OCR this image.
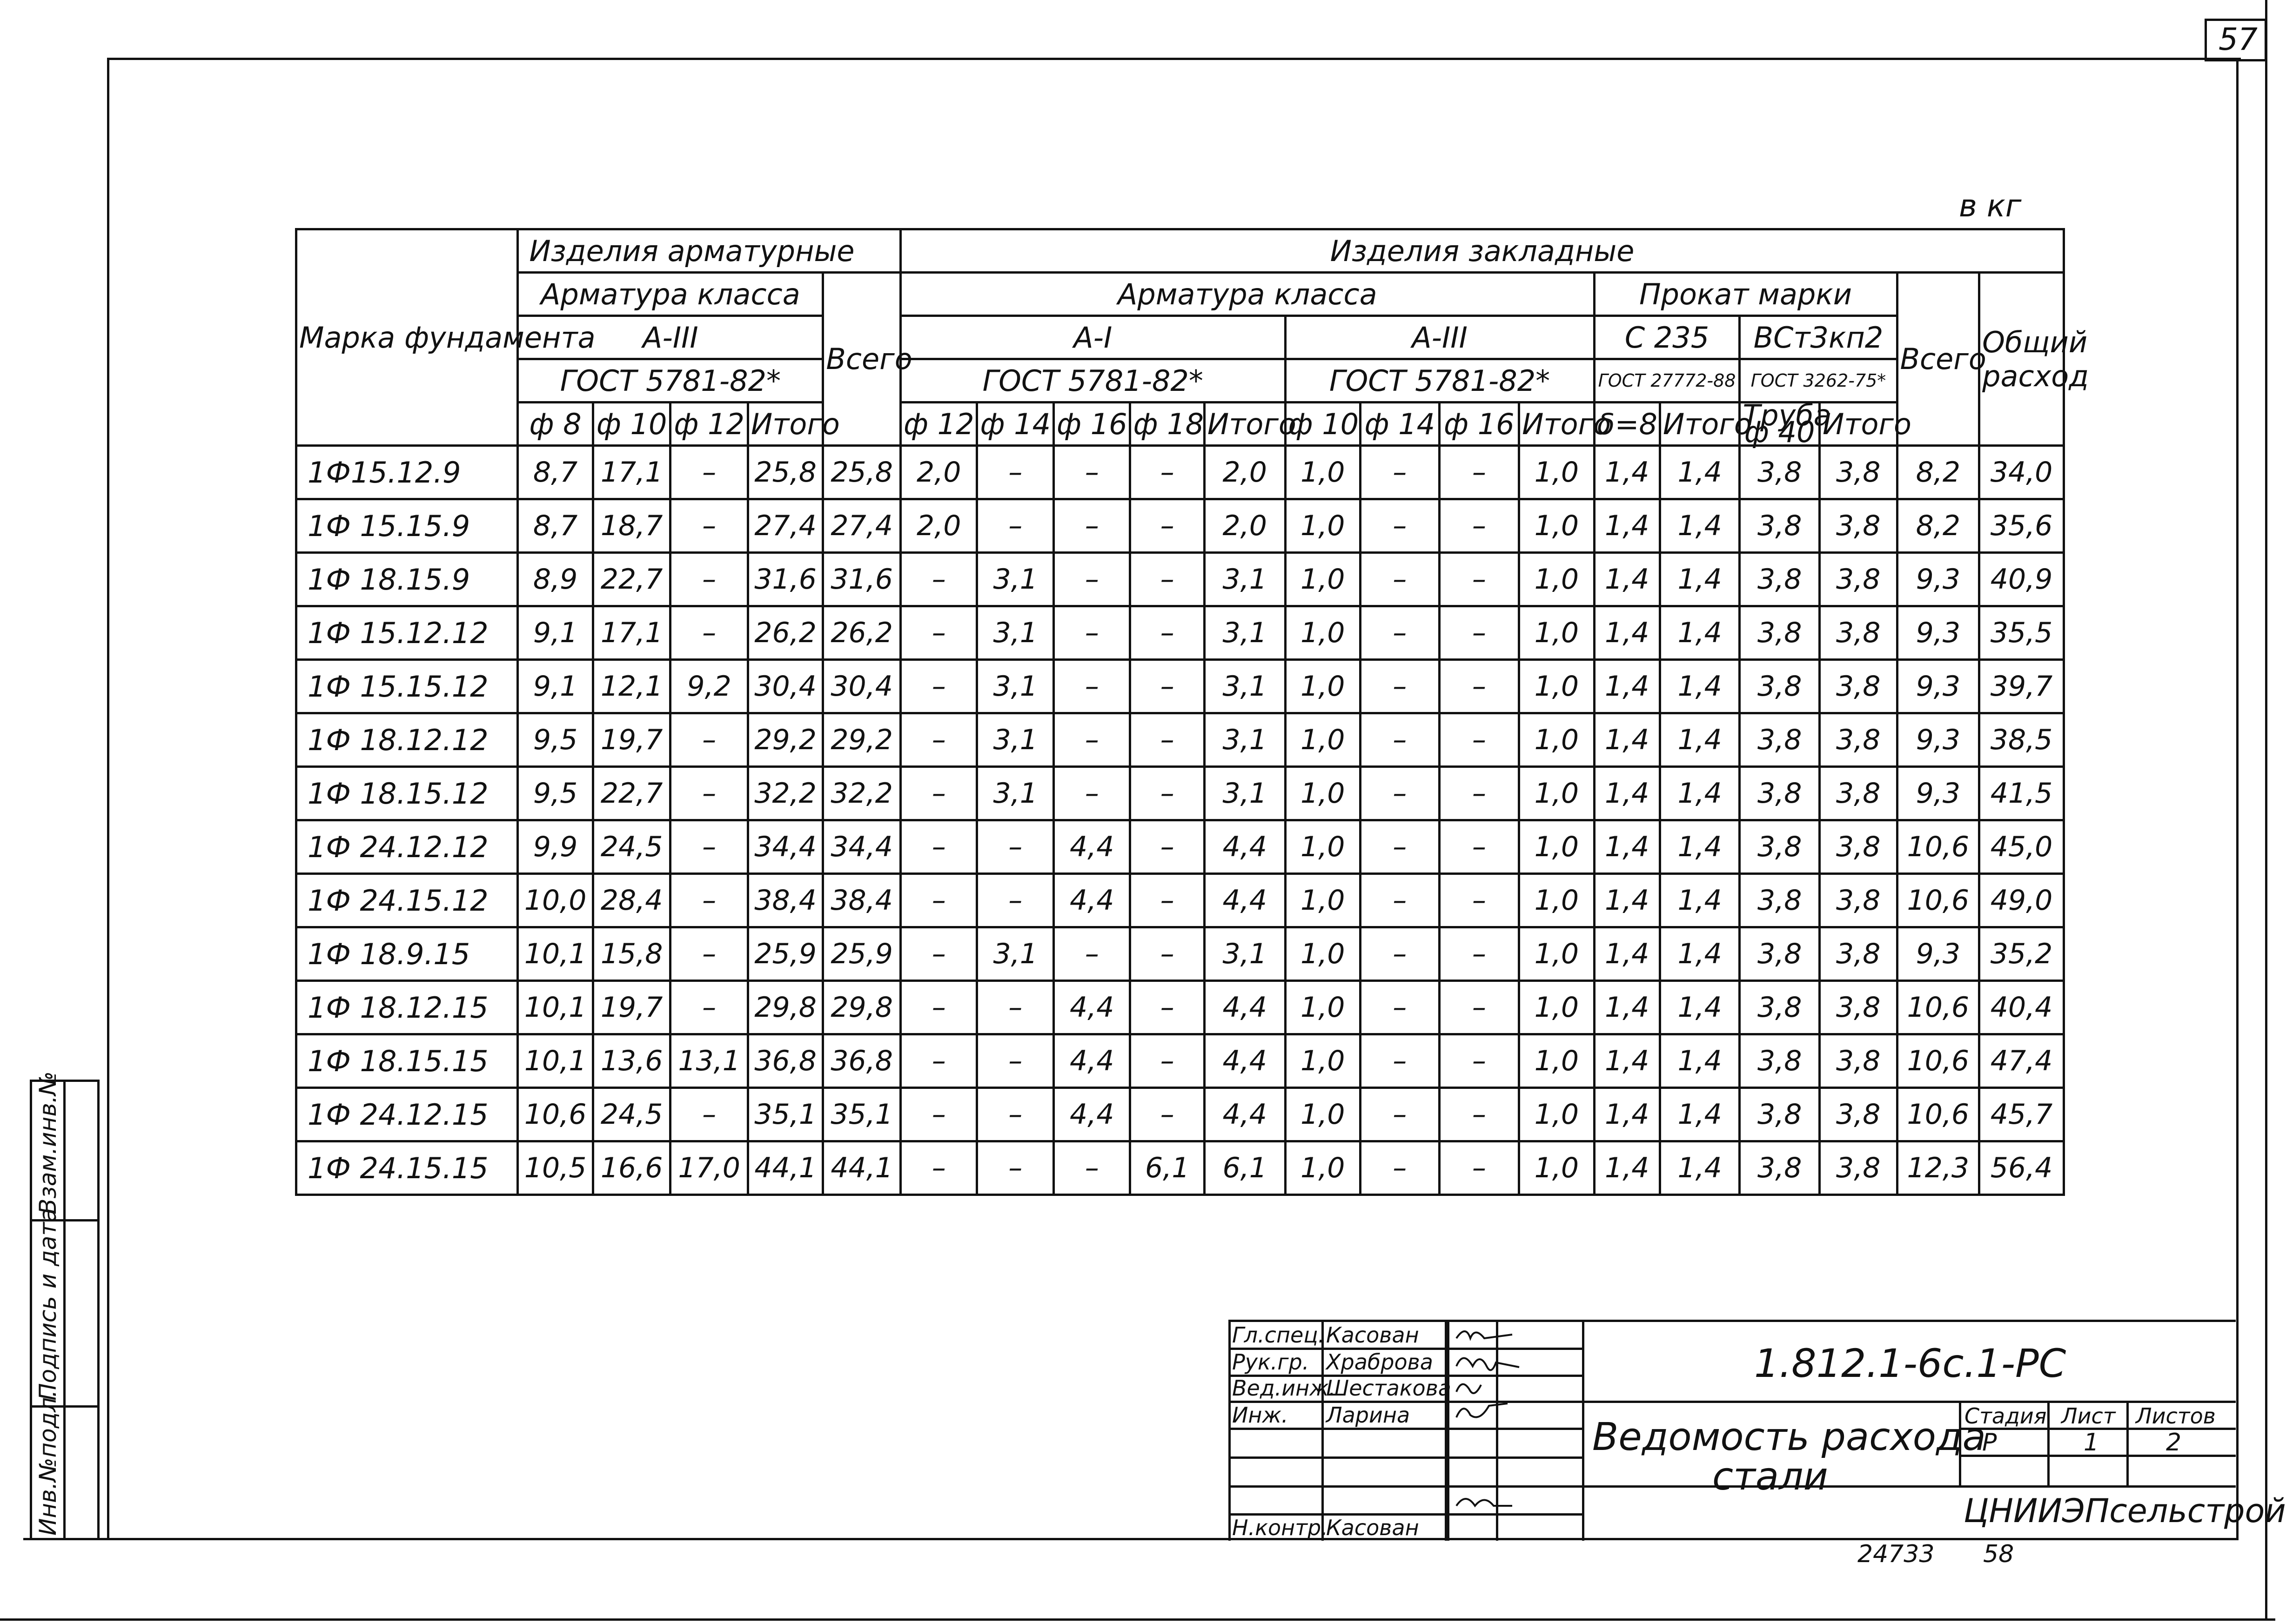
57
в кг
Марка фундамента	Изделия арматурные					Изделия закладные														
	Арматура класса				Всего	Арматура класса									Прокат марки				Всего	Общий расход
	А-III					А-I					А-III				С 235		ВСт3кп2			
	ГОСТ 5781-82*					ГОСТ 5781-82*					ГОСТ 5781-82*				ГОСТ 27772-88		ГОСТ 3262-75*			
	ф 8	ф 10	ф 12	Итого		ф 12	ф 14	ф 16	ф 18	Итого	ф 10	ф 14	ф 16	Итого	δ=8	Итого	Труба ф 40	Итого		
1Ф15.12.9	8,7	17,1	–	25,8	25,8	2,0	–	–	–	2,0	1,0	–	–	1,0	1,4	1,4	3,8	3,8	8,2	34,0
1Ф 15.15.9	8,7	18,7	–	27,4	27,4	2,0	–	–	–	2,0	1,0	–	–	1,0	1,4	1,4	3,8	3,8	8,2	35,6
1Ф 18.15.9	8,9	22,7	–	31,6	31,6	–	3,1	–	–	3,1	1,0	–	–	1,0	1,4	1,4	3,8	3,8	9,3	40,9
1Ф 15.12.12	9,1	17,1	–	26,2	26,2	–	3,1	–	–	3,1	1,0	–	–	1,0	1,4	1,4	3,8	3,8	9,3	35,5
1Ф 15.15.12	9,1	12,1	9,2	30,4	30,4	–	3,1	–	–	3,1	1,0	–	–	1,0	1,4	1,4	3,8	3,8	9,3	39,7
1Ф 18.12.12	9,5	19,7	–	29,2	29,2	–	3,1	–	–	3,1	1,0	–	–	1,0	1,4	1,4	3,8	3,8	9,3	38,5
1Ф 18.15.12	9,5	22,7	–	32,2	32,2	–	3,1	–	–	3,1	1,0	–	–	1,0	1,4	1,4	3,8	3,8	9,3	41,5
1Ф 24.12.12	9,9	24,5	–	34,4	34,4	–	–	4,4	–	4,4	1,0	–	–	1,0	1,4	1,4	3,8	3,8	10,6	45,0
1Ф 24.15.12	10,0	28,4	–	38,4	38,4	–	–	4,4	–	4,4	1,0	–	–	1,0	1,4	1,4	3,8	3,8	10,6	49,0
1Ф 18.9.15	10,1	15,8	–	25,9	25,9	–	3,1	–	–	3,1	1,0	–	–	1,0	1,4	1,4	3,8	3,8	9,3	35,2
1Ф 18.12.15	10,1	19,7	–	29,8	29,8	–	–	4,4	–	4,4	1,0	–	–	1,0	1,4	1,4	3,8	3,8	10,6	40,4
1Ф 18.15.15	10,1	13,6	13,1	36,8	36,8	–	–	4,4	–	4,4	1,0	–	–	1,0	1,4	1,4	3,8	3,8	10,6	47,4
1Ф 24.12.15	10,6	24,5	–	35,1	35,1	–	–	4,4	–	4,4	1,0	–	–	1,0	1,4	1,4	3,8	3,8	10,6	45,7
1Ф 24.15.15	10,5	16,6	17,0	44,1	44,1	–	–	–	6,1	6,1	1,0	–	–	1,0	1,4	1,4	3,8	3,8	12,3	56,4
Гл.спец.
Рук.гр.
Вед.инж.
Инж.
Н.контр.
Касован
Храброва
Шестакова
Ларина
Касован
1.812.1-6с.1-РС
Ведомость расхода
стали
Стадия Лист Листов
Р	1	2
ЦНИИЭПсельстрой
24733 58
Взам.инв.№
Подпись и дата
Инв.№подл.
